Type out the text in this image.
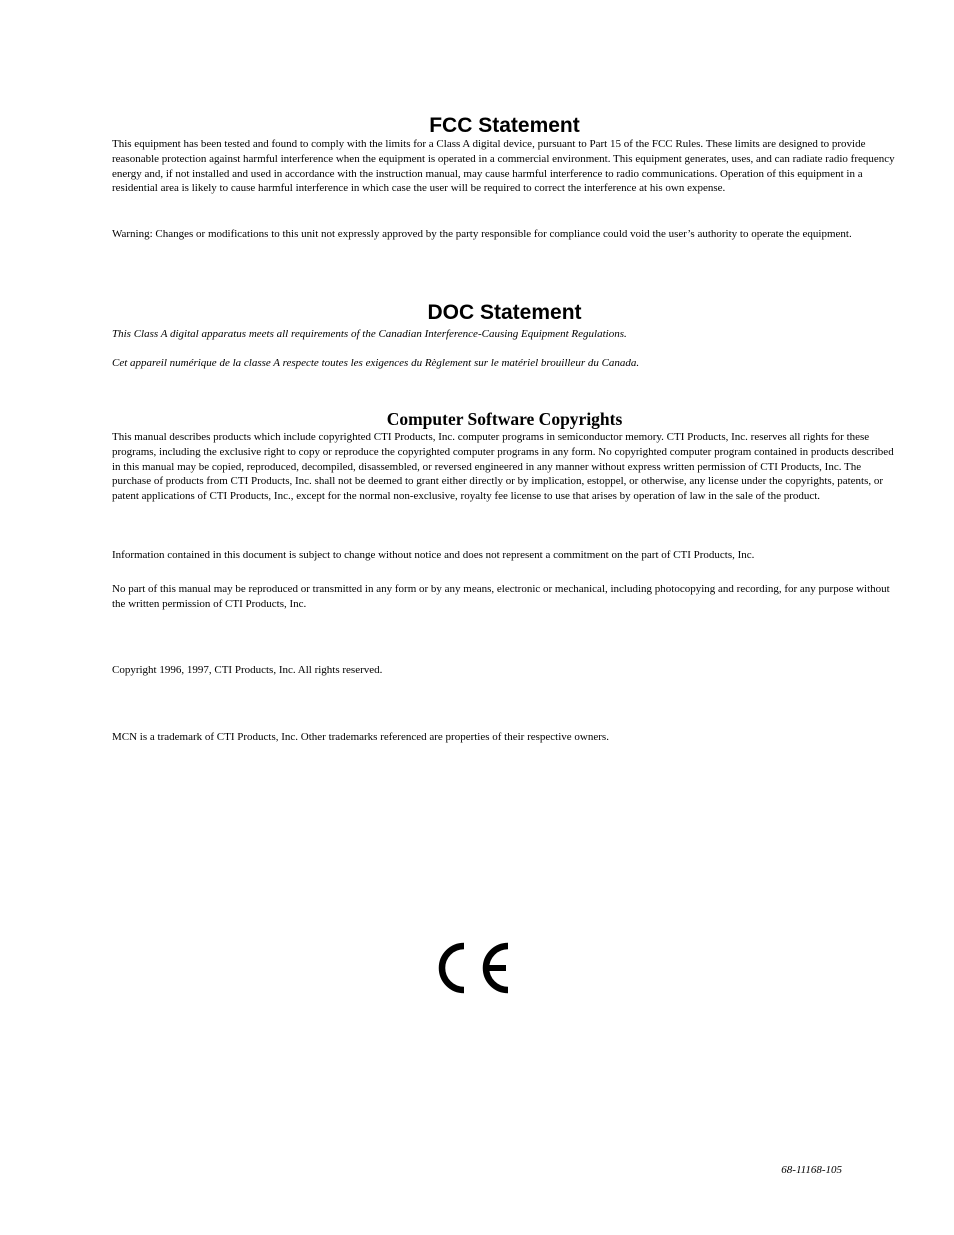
FCC Statement

This equipment has been tested and found to comply with the limits for a Class A digital device, pursuant to Part 15 of the FCC Rules. These limits are designed to provide reasonable protection against harmful interference when the equipment is operated in a commercial environment. This equipment generates, uses, and can radiate radio frequency energy and, if not installed and used in accordance with the instruction manual, may cause harmful interference to radio communications. Operation of this equipment in a residential area is likely to cause harmful interference in which case the user will be required to correct the interference at his own expense.

Warning: Changes or modifications to this unit not expressly approved by the party responsible for compliance could void the user’s authority to operate the equipment.

DOC Statement

This Class A digital apparatus meets all requirements of the Canadian Interference-Causing Equipment Regulations.

Cet appareil numérique de la classe A respecte toutes les exigences du Règlement sur le matériel brouilleur du Canada.

Computer Software Copyrights

This manual describes products which include copyrighted CTI Products, Inc. computer programs in semiconductor memory. CTI Products, Inc. reserves all rights for these programs, including the exclusive right to copy or reproduce the copyrighted computer programs in any form. No copyrighted computer program contained in products described in this manual may be copied, reproduced, decompiled, disassembled, or reversed engineered in any manner without express written permission of CTI Products, Inc. The purchase of products from CTI Products, Inc. shall not be deemed to grant either directly or by implication, estoppel, or otherwise, any license under the copyrights, patents, or patent applications of CTI Products, Inc., except for the normal non-exclusive, royalty fee license to use that arises by operation of law in the sale of the product.

Information contained in this document is subject to change without notice and does not represent a commitment on the part of CTI Products, Inc.

No part of this manual may be reproduced or transmitted in any form or by any means, electronic or mechanical, including photocopying and recording, for any purpose without the written permission of CTI Products, Inc.

Copyright 1996, 1997, CTI Products, Inc. All rights reserved.

MCN is a trademark of CTI Products, Inc. Other trademarks referenced are properties of their respective owners.

68-11168-105
